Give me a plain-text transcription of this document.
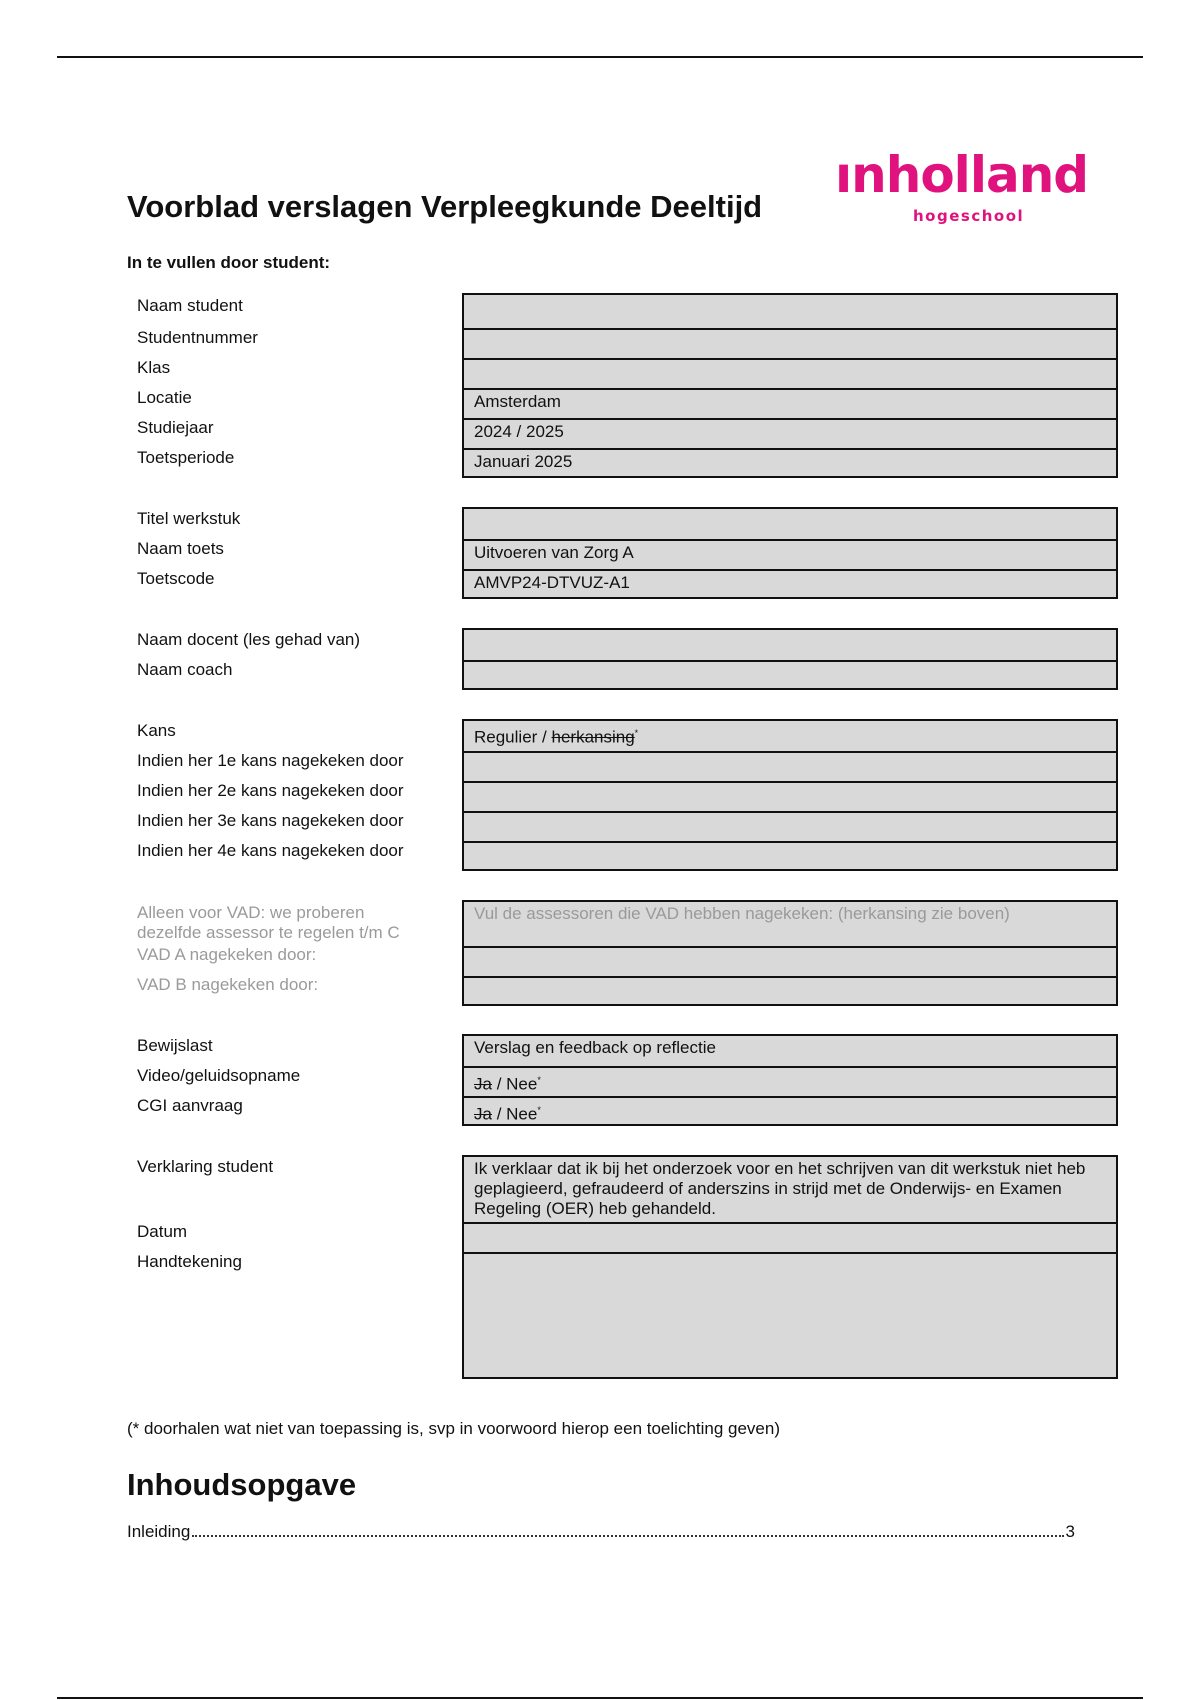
Voorblad verslagen Verpleegkunde Deeltijd
ınholland
hogeschool
In te vullen door student:
Naam student
Studentnummer
Klas
Locatie
Studiejaar
Toetsperiode
Amsterdam
2024 / 2025
Januari 2025
Titel werkstuk
Naam toets
Toetscode
Uitvoeren van Zorg A
AMVP24-DTVUZ-A1
Naam docent (les gehad van)
Naam coach
Kans
Indien her 1e kans nagekeken door
Indien her 2e kans nagekeken door
Indien her 3e kans nagekeken door
Indien her 4e kans nagekeken door
Regulier / herkansing*
Alleen voor VAD: we proberen
dezelfde assessor te regelen t/m C
VAD A nagekeken door:
VAD B nagekeken door:
Vul de assessoren die VAD hebben nagekeken: (herkansing zie boven)
Bewijslast
Video/geluidsopname
CGI aanvraag
Verslag en feedback op reflectie
Ja / Nee*
Ja / Nee*
Verklaring student
Datum
Handtekening
Ik verklaar dat ik bij het onderzoek voor en het schrijven van dit werkstuk niet heb geplagieerd, gefraudeerd of anderszins in strijd met de Onderwijs- en Examen Regeling (OER) heb gehandeld.
(* doorhalen wat niet van toepassing is, svp in voorwoord hierop een toelichting geven)
Inhoudsopgave
Inleiding	3
